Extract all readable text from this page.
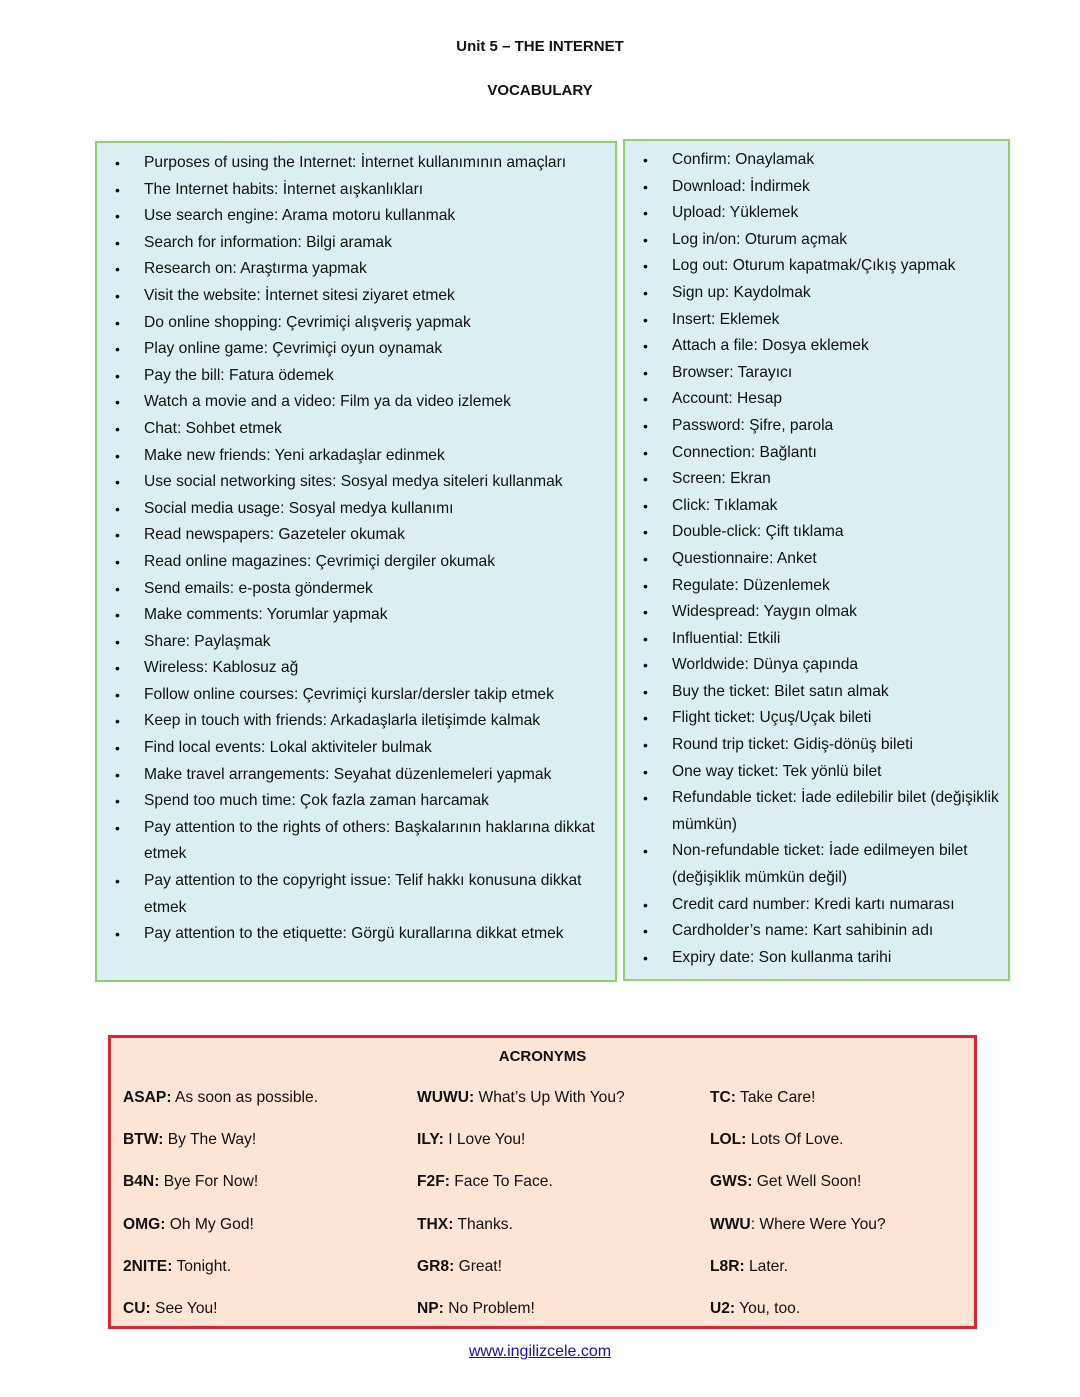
Unit 5 – THE INTERNET
VOCABULARY
• Purposes of using the Internet: İnternet kullanımının amaçları
• The Internet habits: İnternet aışkanlıkları
• Use search engine: Arama motoru kullanmak
• Search for information: Bilgi aramak
• Research on: Araştırma yapmak
• Visit the website: İnternet sitesi ziyaret etmek
• Do online shopping: Çevrimiçi alışveriş yapmak
• Play online game: Çevrimiçi oyun oynamak
• Pay the bill: Fatura ödemek
• Watch a movie and a video: Film ya da video izlemek
• Chat: Sohbet etmek
• Make new friends: Yeni arkadaşlar edinmek
• Use social networking sites: Sosyal medya siteleri kullanmak
• Social media usage: Sosyal medya kullanımı
• Read newspapers: Gazeteler okumak
• Read online magazines: Çevrimiçi dergiler okumak
• Send emails: e-posta göndermek
• Make comments: Yorumlar yapmak
• Share: Paylaşmak
• Wireless: Kablosuz ağ
• Follow online courses: Çevrimiçi kurslar/dersler takip etmek
• Keep in touch with friends: Arkadaşlarla iletişimde kalmak
• Find local events: Lokal aktiviteler bulmak
• Make travel arrangements: Seyahat düzenlemeleri yapmak
• Spend too much time: Çok fazla zaman harcamak
• Pay attention to the rights of others: Başkalarının haklarına dikkat etmek
• Pay attention to the copyright issue: Telif hakkı konusuna dikkat etmek
• Pay attention to the etiquette: Görgü kurallarına dikkat etmek
• Confirm: Onaylamak
• Download: İndirmek
• Upload: Yüklemek
• Log in/on: Oturum açmak
• Log out: Oturum kapatmak/Çıkış yapmak
• Sign up: Kaydolmak
• Insert: Eklemek
• Attach a file: Dosya eklemek
• Browser: Tarayıcı
• Account: Hesap
• Password: Şifre, parola
• Connection: Bağlantı
• Screen: Ekran
• Click: Tıklamak
• Double-click: Çift tıklama
• Questionnaire: Anket
• Regulate: Düzenlemek
• Widespread: Yaygın olmak
• Influential: Etkili
• Worldwide: Dünya çapında
• Buy the ticket: Bilet satın almak
• Flight ticket: Uçuş/Uçak bileti
• Round trip ticket: Gidiş-dönüş bileti
• One way ticket: Tek yönlü bilet
• Refundable ticket: İade edilebilir bilet (değişiklik mümkün)
• Non-refundable ticket: İade edilmeyen bilet (değişiklik mümkün değil)
• Credit card number: Kredi kartı numarası
• Cardholder’s name: Kart sahibinin adı
• Expiry date: Son kullanma tarihi
ACRONYMS
ASAP: As soon as possible.	WUWU: What’s Up With You?	TC: Take Care!
BTW: By The Way!	ILY: I Love You!	LOL: Lots Of Love.
B4N: Bye For Now!	F2F: Face To Face.	GWS: Get Well Soon!
OMG: Oh My God!	THX: Thanks.	WWU: Where Were You?
2NITE: Tonight.	GR8: Great!	L8R: Later.
CU: See You!	NP: No Problem!	U2: You, too.
www.ingilizcele.com
